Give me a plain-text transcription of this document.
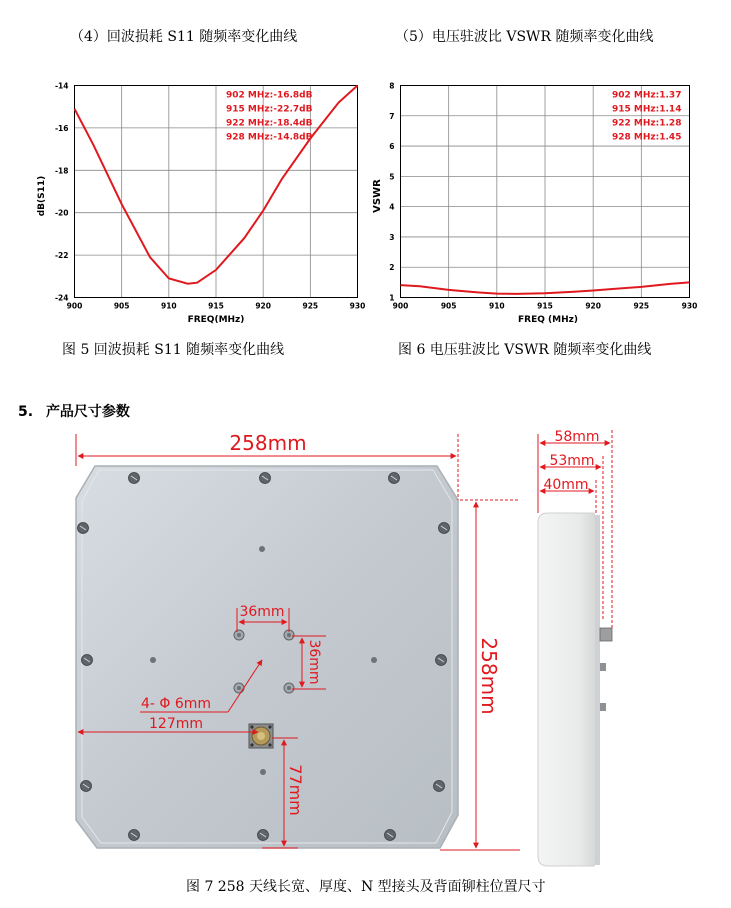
（4）回波损耗 S11 随频率变化曲线	（5）电压驻波比 VSWR 随频率变化曲线
-14
-16
-18
-20
-22
-24
900	905	910	915	920	925	930
902 MHz:-16.8dB
915 MHz:-22.7dB
922 MHz:-18.4dB
928 MHz:-14.8dB
dB(S11)
FREQ(MHz)
1
2
3
4
5
6
7
8
900	905	910	915	920	925	930
902 MHz:1.37
915 MHz:1.14
922 MHz:1.28
928 MHz:1.45
VSWR
FREQ (MHz)
图 5 回波损耗 S11 随频率变化曲线	图 6 电压驻波比 VSWR 随频率变化曲线
5. 产品尺寸参数
258mm
258mm
58mm
53mm
40mm
36mm
36mm
4- Φ 6mm
127mm
77mm
图 7 258 天线长宽、厚度、N 型接头及背面铆柱位置尺寸
